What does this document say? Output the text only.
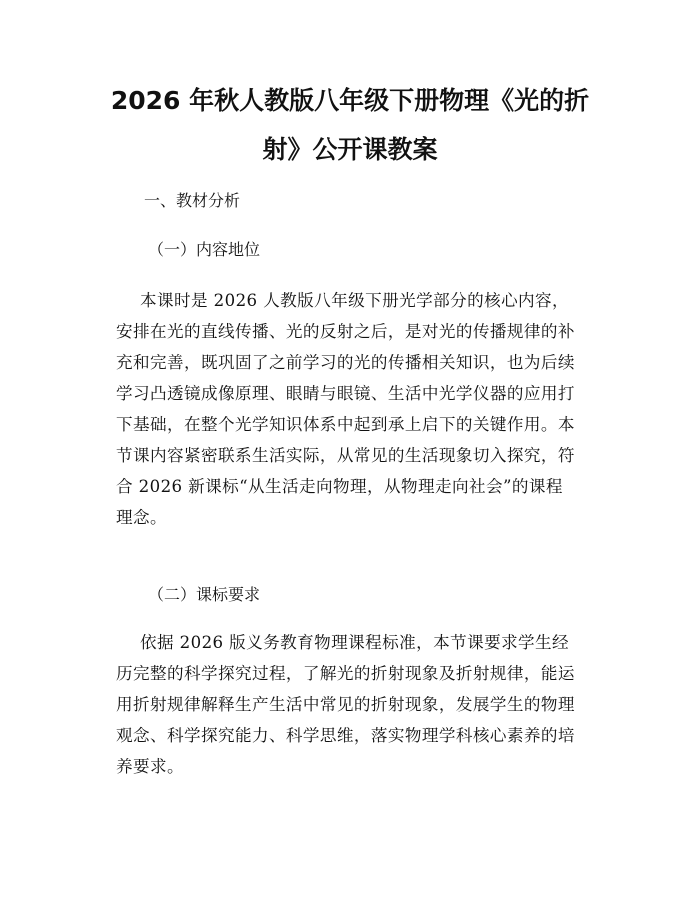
2026 年秋人教版八年级下册物理《光的折
射》公开课教案
一、教材分析
（一）内容地位
本课时是 2026 人教版八年级下册光学部分的核心内容，
安排在光的直线传播、光的反射之后，是对光的传播规律的补
充和完善，既巩固了之前学习的光的传播相关知识，也为后续
学习凸透镜成像原理、眼睛与眼镜、生活中光学仪器的应用打
下基础，在整个光学知识体系中起到承上启下的关键作用。本
节课内容紧密联系生活实际，从常见的生活现象切入探究，符
合 2026 新课标“从生活走向物理，从物理走向社会”的课程
理念。
（二）课标要求
依据 2026 版义务教育物理课程标准，本节课要求学生经
历完整的科学探究过程，了解光的折射现象及折射规律，能运
用折射规律解释生产生活中常见的折射现象，发展学生的物理
观念、科学探究能力、科学思维，落实物理学科核心素养的培
养要求。
